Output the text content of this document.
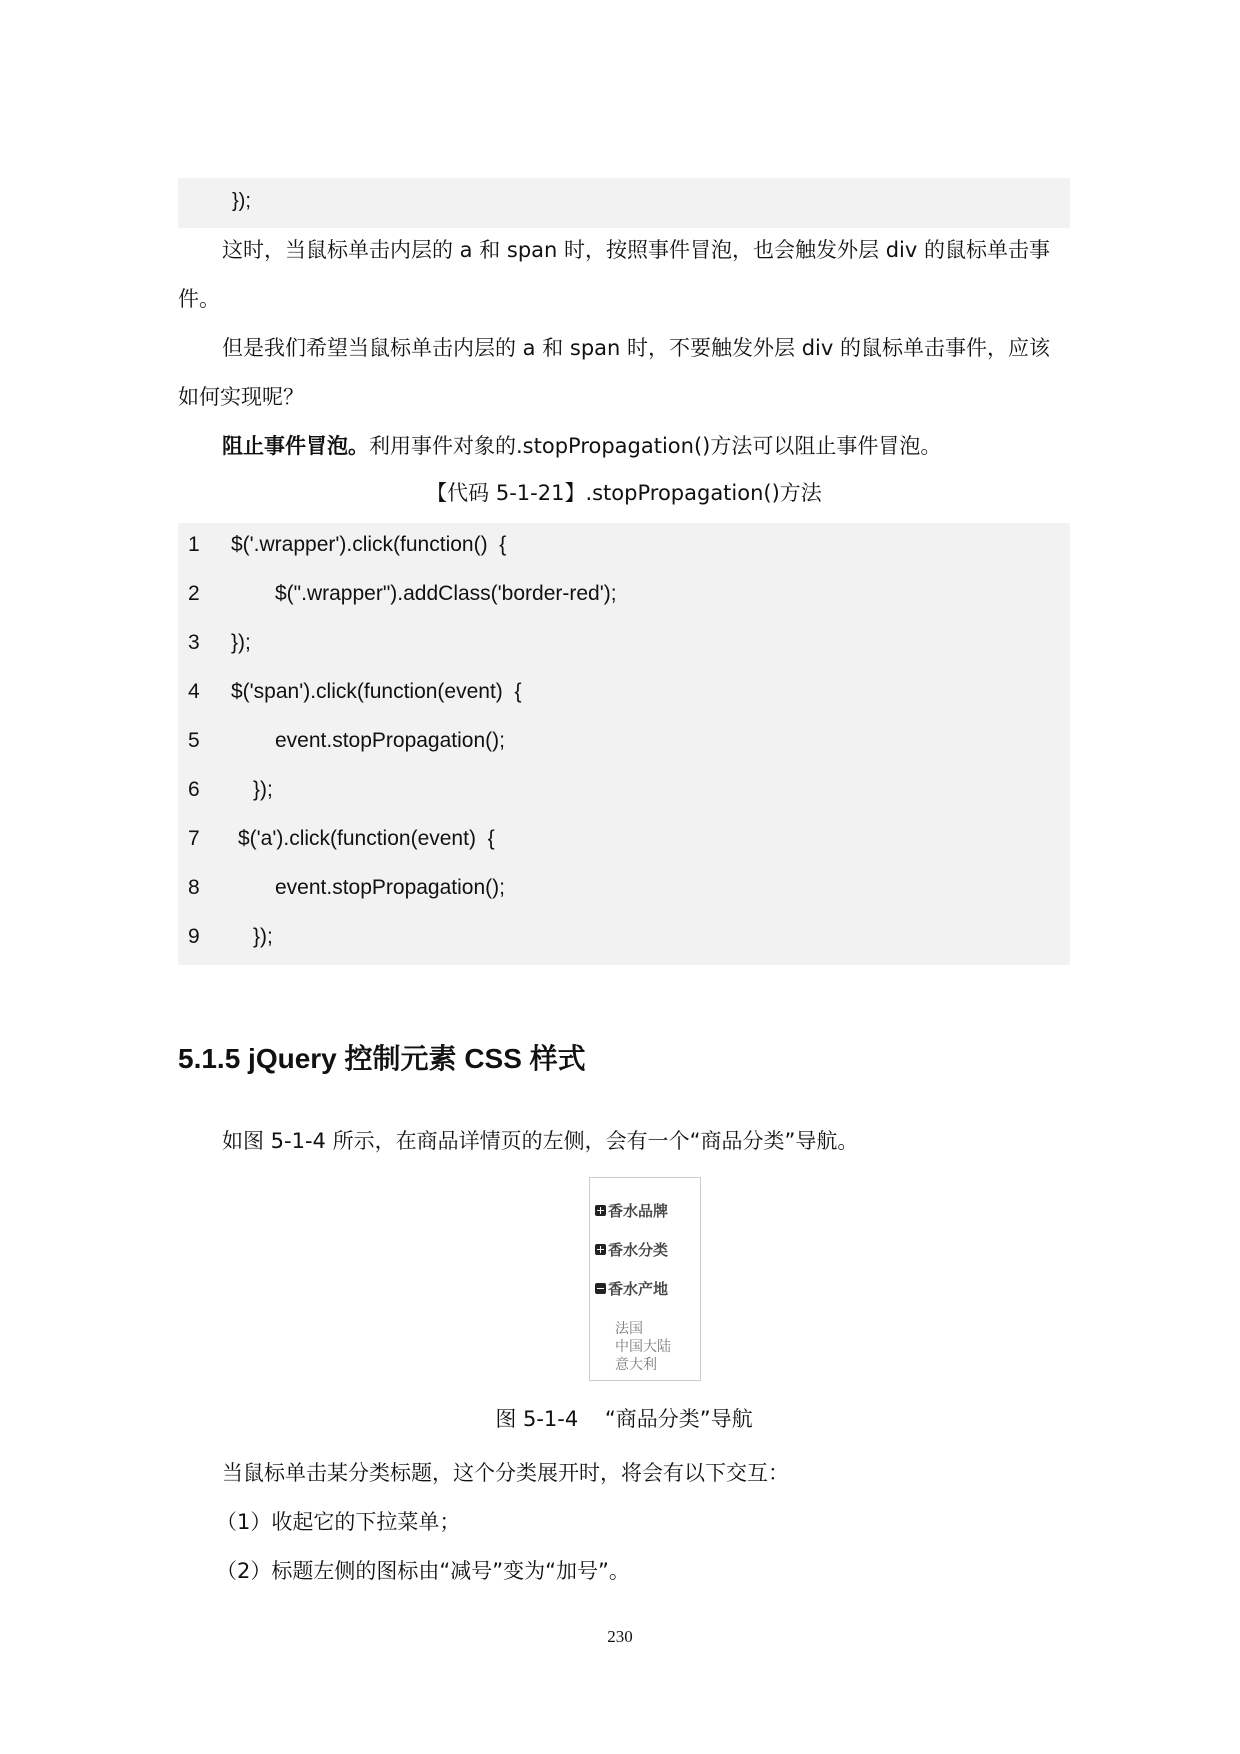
});

这时，当鼠标单击内层的 a 和 span 时，按照事件冒泡，也会触发外层 div 的鼠标单击事件。

但是我们希望当鼠标单击内层的 a 和 span 时，不要触发外层 div 的鼠标单击事件，应该如何实现呢？

阻止事件冒泡。利用事件对象的.stopPropagation()方法可以阻止事件冒泡。

【代码 5-1-21】.stopPropagation()方法
1 $('.wrapper').click(function()  {
2	$(".wrapper").addClass('border-red');
3 });
4 $('span').click(function(event)  {
5	event.stopPropagation();
6	});
7 $('a').click(function(event)  {
8	event.stopPropagation();
9	});
5.1.5 jQuery 控制元素 CSS 样式

如图 5-1-4 所示，在商品详情页的左侧，会有一个“商品分类”导航。

香水品牌
香水分类
香水产地
法国
中国大陆
意大利
图 5-1-4    “商品分类”导航

当鼠标单击某分类标题，这个分类展开时，将会有以下交互：

（1）收起它的下拉菜单；

（2）标题左侧的图标由“减号”变为“加号”。

230
